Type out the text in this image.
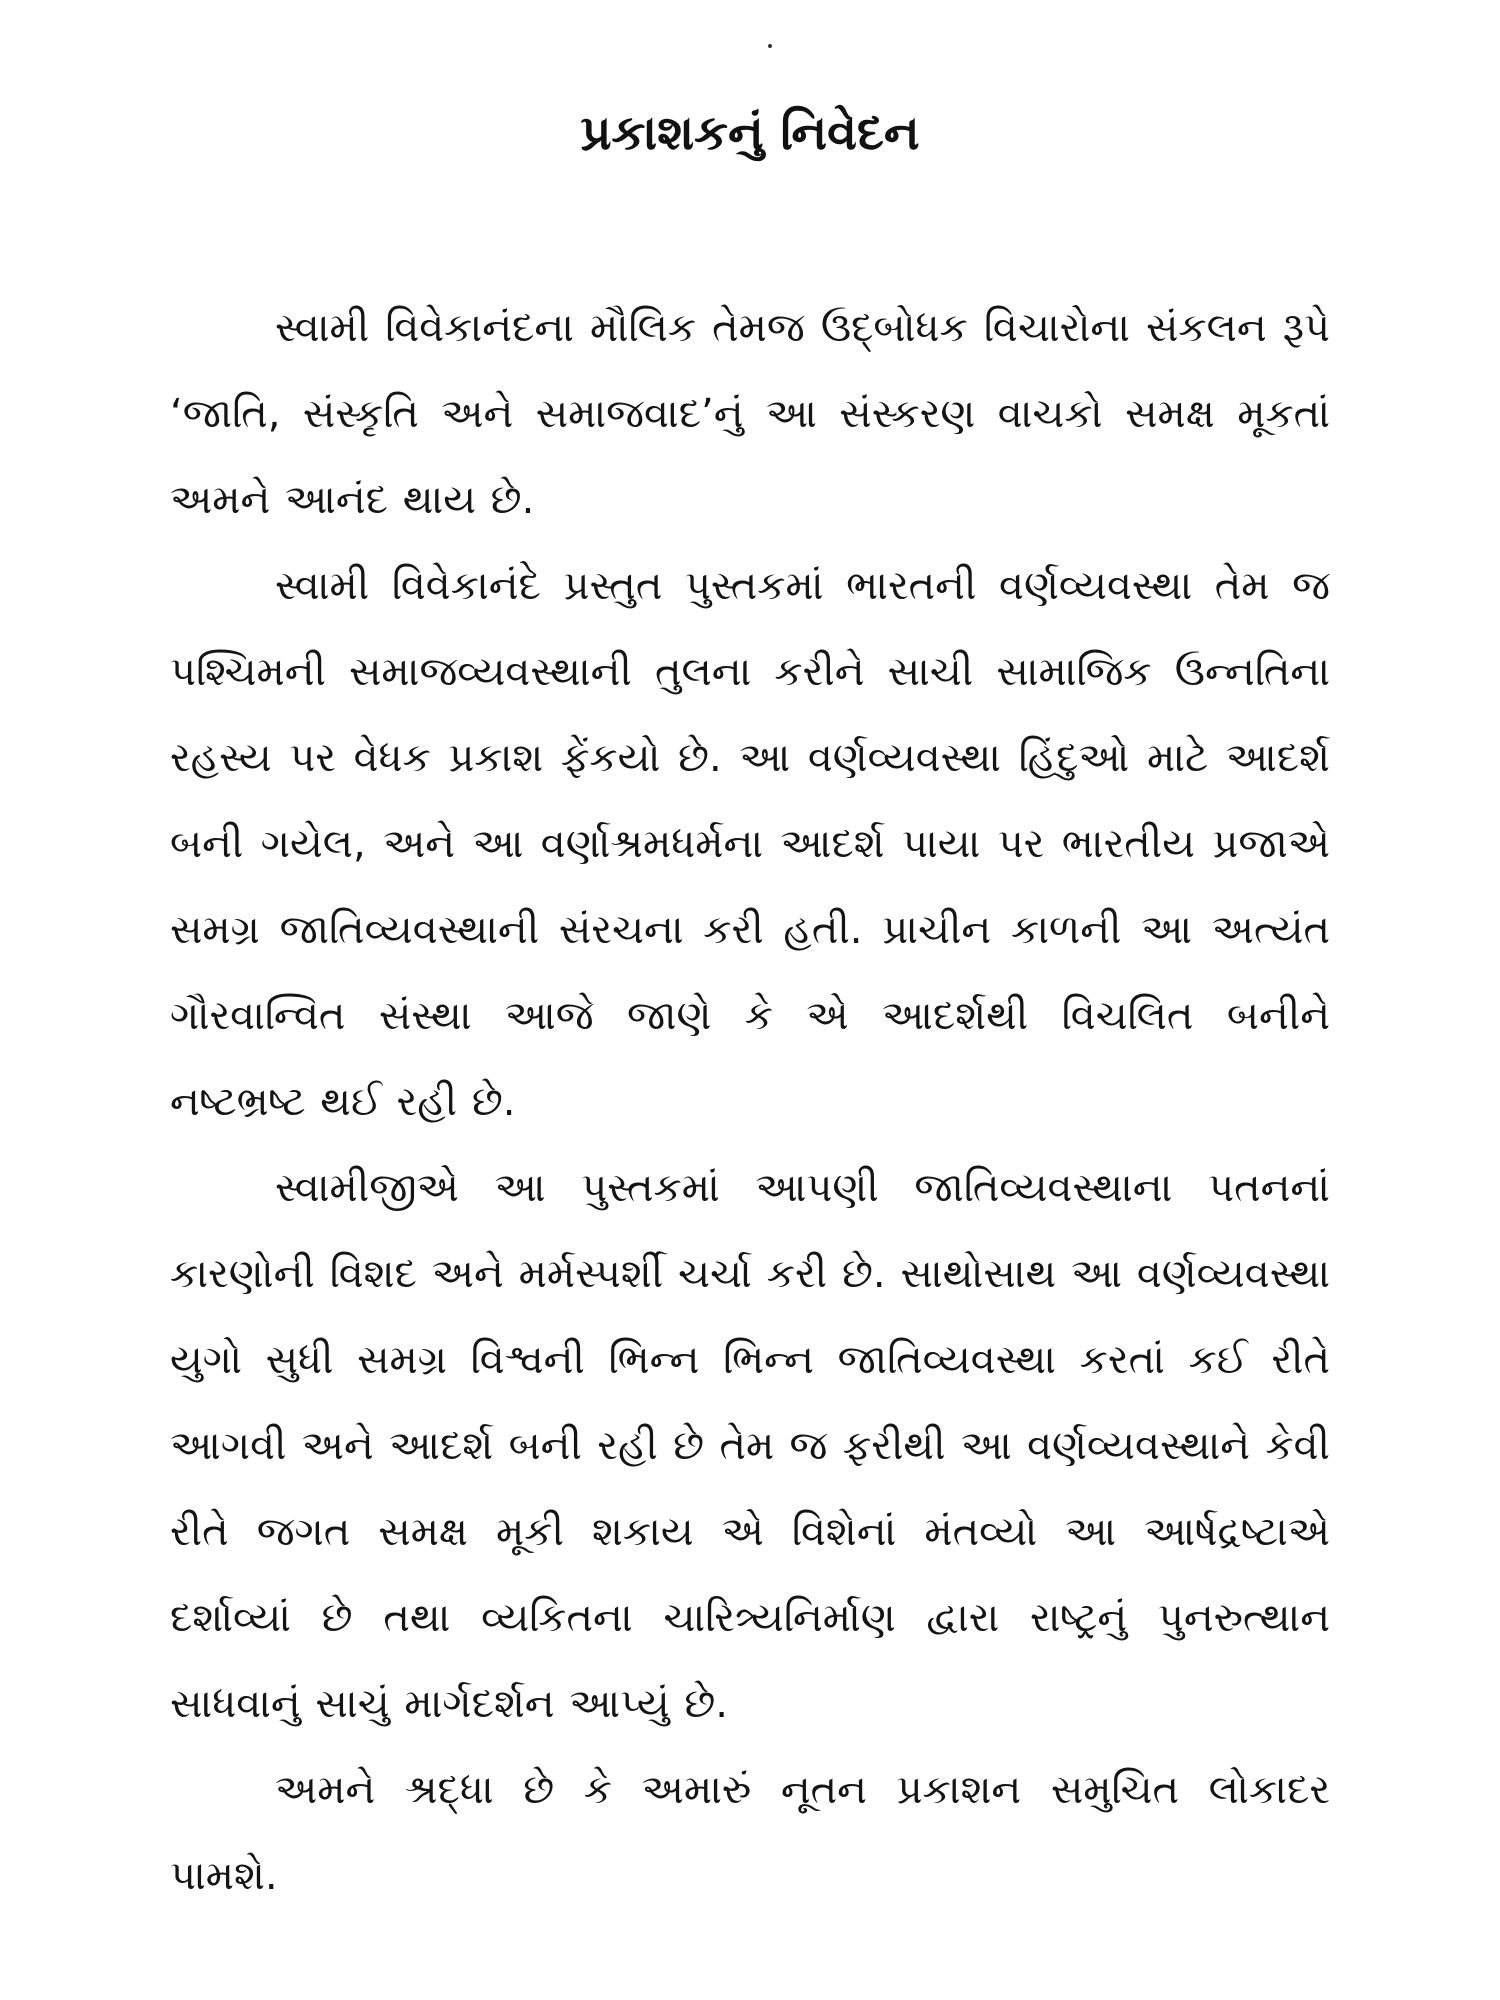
પ્રકાશકનું નિવેદન

સ્વામી વિવેકાનંદના મૌલિક તેમજ ઉદ્‌બોધક વિચારોના સંકલન રૂપે ‘જાતિ, સંસ્કૃતિ અને સમાજવાદ’નું આ સંસ્કરણ વાચકો સમક્ષ મૂકતાં અમને આનંદ થાય છે.

સ્વામી વિવેકાનંદે પ્રસ્તુત પુસ્તકમાં ભારતની વર્ણવ્યવસ્થા તેમ જ પશ્ચિમની સમાજવ્યવસ્થાની તુલના કરીને સાચી સામાજિક ઉન્નતિના રહસ્ય પર વેધક પ્રકાશ ફેંકયો છે. આ વર્ણવ્યવસ્થા હિંદુઓ માટે આદર્શ બની ગયેલ, અને આ વર્ણાશ્રમધર્મના આદર્શ પાયા પર ભારતીય પ્રજાએ સમગ્ર જાતિવ્યવસ્થાની સંરચના કરી હતી. પ્રાચીન કાળની આ અત્યંત ગૌરવાન્વિત સંસ્થા આજે જાણે કે એ આદર્શથી વિચલિત બનીને નષ્ટભ્રષ્ટ થઈ રહી છે.

સ્વામીજીએ આ પુસ્તકમાં આપણી જાતિવ્યવસ્થાના પતનનાં કારણોની વિશદ અને મર્મસ્પર્શી ચર્ચા કરી છે. સાથોસાથ આ વર્ણવ્યવસ્થા યુગો સુધી સમગ્ર વિશ્વની ભિન્ન ભિન્ન જાતિવ્યવસ્થા કરતાં કઈ રીતે આગવી અને આદર્શ બની રહી છે તેમ જ ફરીથી આ વર્ણવ્યવસ્થાને કેવી રીતે જગત સમક્ષ મૂકી શકાય એ વિશેનાં મંતવ્યો આ આર્ષદ્રષ્ટાએ દર્શાવ્યાં છે તથા વ્યકિતના ચારિત્ર્યનિર્માણ દ્વારા રાષ્ટ્રનું પુનરુત્થાન સાધવાનું સાચું માર્ગદર્શન આપ્યું છે.

અમને શ્રદ્ધા છે કે અમારું નૂતન પ્રકાશન સમુચિત લોકાદર પામશે.
